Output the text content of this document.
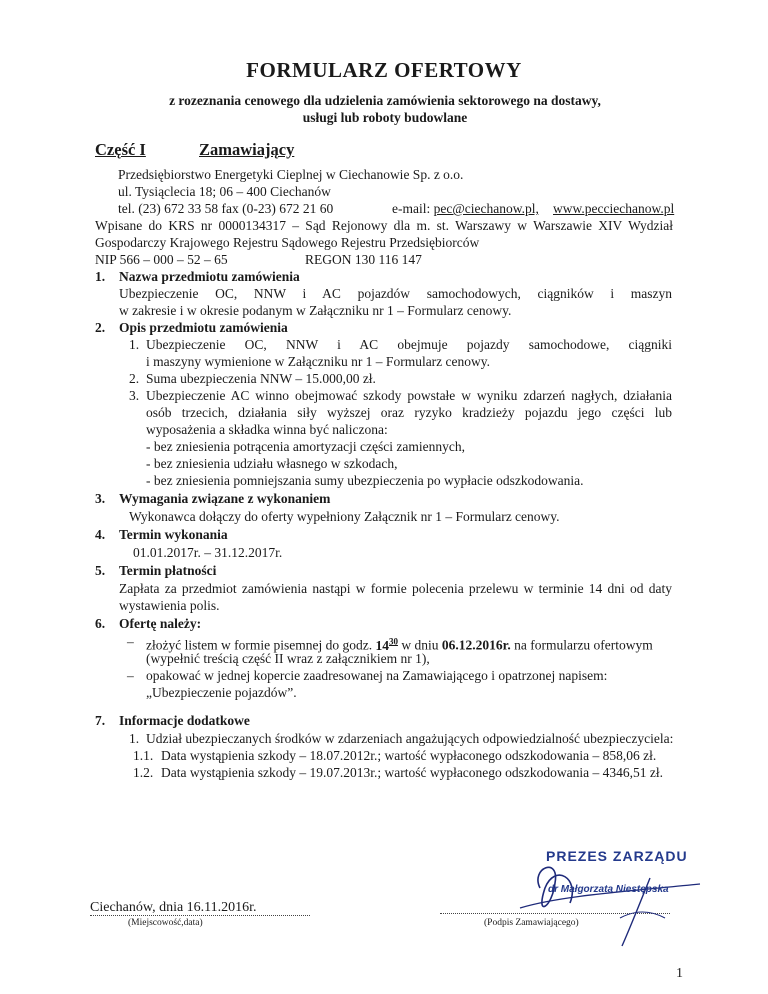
FORMULARZ OFERTOWY
z rozeznania cenowego dla udzielenia zamówienia sektorowego na dostawy,
usługi lub roboty budowlane
Część I	Zamawiający
Przedsiębiorstwo Energetyki Cieplnej w Ciechanowie Sp. z o.o.
ul. Tysiąclecia 18; 06 – 400 Ciechanów
tel. (23) 672 33 58 fax (0-23) 672 21 60	e-mail: pec@ciechanow.pl, www.pecciechanow.pl
Wpisane do KRS nr 0000134317 – Sąd Rejonowy dla m. st. Warszawy w Warszawie XIV Wydział
Gospodarczy Krajowego Rejestru Sądowego Rejestru Przedsiębiorców
NIP 566 – 000 – 52 – 65	REGON 130 116 147
1. Nazwa przedmiotu zamówienia
Ubezpieczenie OC, NNW i AC pojazdów samochodowych, ciągników i maszyn
w zakresie i w okresie podanym w Załączniku nr 1 – Formularz cenowy.
2. Opis przedmiotu zamówienia
1. Ubezpieczenie OC, NNW i AC obejmuje pojazdy samochodowe, ciągniki
i maszyny wymienione w Załączniku nr 1 – Formularz cenowy.
2. Suma ubezpieczenia NNW – 15.000,00 zł.
3. Ubezpieczenie AC winno obejmować szkody powstałe w wyniku zdarzeń nagłych, działania
osób trzecich, działania siły wyższej oraz ryzyko kradzieży pojazdu jego części lub
wyposażenia a składka winna być naliczona:
- bez zniesienia potrącenia amortyzacji części zamiennych,
- bez zniesienia udziału własnego w szkodach,
- bez zniesienia pomniejszania sumy ubezpieczenia po wypłacie odszkodowania.
3. Wymagania związane z wykonaniem
Wykonawca dołączy do oferty wypełniony Załącznik nr 1 – Formularz cenowy.
4. Termin wykonania
01.01.2017r. – 31.12.2017r.
5. Termin płatności
Zapłata za przedmiot zamówienia nastąpi w formie polecenia przelewu w terminie 14 dni od daty
wystawienia polis.
6. Ofertę należy:
– złożyć listem w formie pisemnej do godz. $14^{30}$ w dniu 06.12.2016r. na formularzu ofertowym
(wypełnić treścią część II wraz z załącznikiem nr 1),
– opakować w jednej kopercie zaadresowanej na Zamawiającego i opatrzonej napisem:
„Ubezpieczenie pojazdów”.
7. Informacje dodatkowe
1. Udział ubezpieczanych środków w zdarzeniach angażujących odpowiedzialność ubezpieczyciela:
1.1. Data wystąpienia szkody – 18.07.2012r.; wartość wypłaconego odszkodowania – 858,06 zł.
1.2. Data wystąpienia szkody – 19.07.2013r.; wartość wypłaconego odszkodowania – 4346,51 zł.
Ciechanów, dnia 16.11.2016r.
(Miejscowość,data)	(Podpis Zamawiającego)
PREZES ZARZĄDU
dr Małgorzata Niestępska
1
